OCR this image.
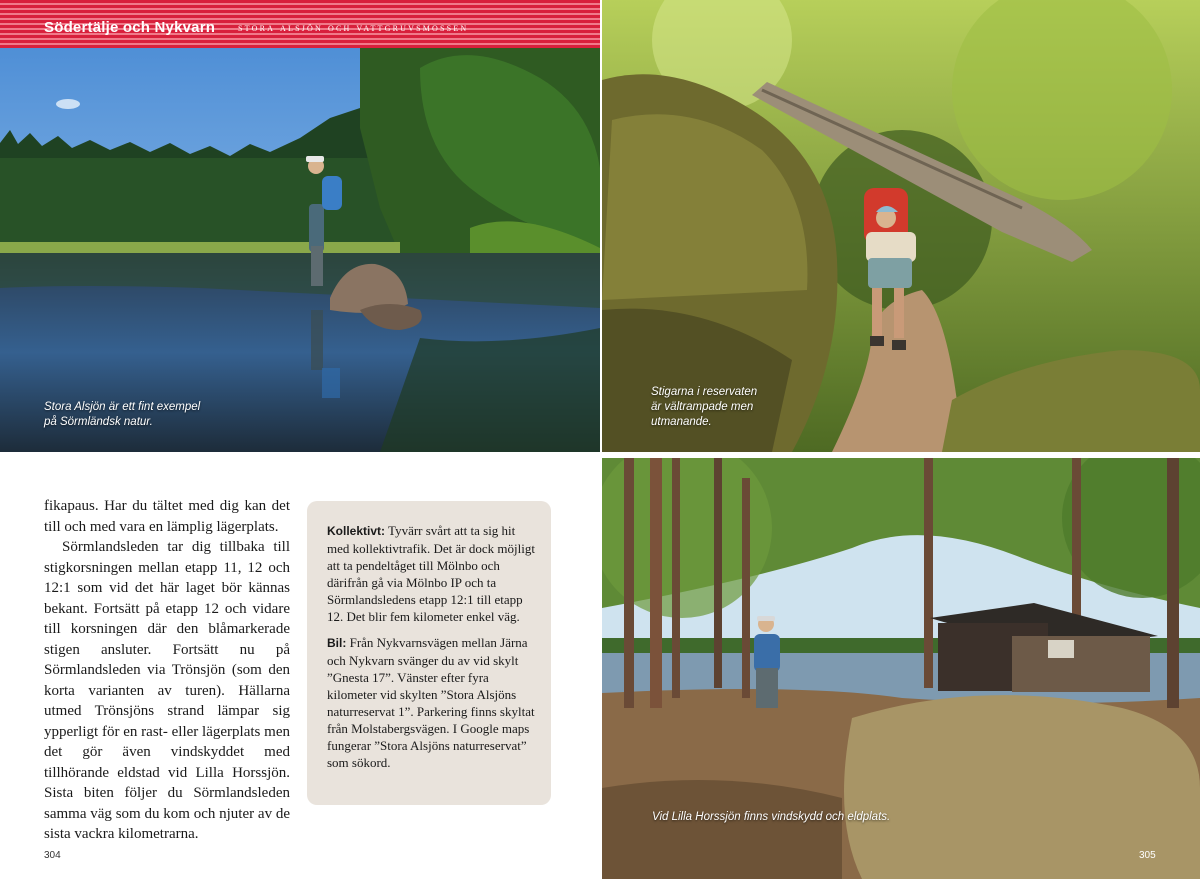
Södertälje och Nykvarn stora alsjön och vattgruvsmossen
Stora Alsjön är ett fint exempel
på Sörmländsk natur.
Stigarna i reservaten
är vältrampade men
utmanande.
Vid Lilla Horssjön finns vindskydd och eldplats.

fikapaus. Har du tältet med dig kan det till och med vara en lämplig lägerplats.

Sörmlandsleden tar dig tillbaka till stigkorsningen mellan etapp 11, 12 och 12:1 som vid det här laget bör kännas bekant. Fortsätt på etapp 12 och vidare till korsningen där den blåmarkerade stigen ansluter. Fortsätt nu på Sörmlandsleden via Trönsjön (som den korta varianten av turen). Hällarna utmed Trönsjöns strand lämpar sig ypperligt för en rast- eller lägerplats men det gör även vindskyddet med tillhörande eldstad vid Lilla Horssjön. Sista biten följer du Sörmlandsleden samma väg som du kom och njuter av de sista vackra kilometrarna.

Kollektivt: Tyvärr svårt att ta sig hit med kollektivtrafik. Det är dock möjligt att ta pendeltåget till Mölnbo och därifrån gå via Mölnbo IP och ta Sörmlandsledens etapp 12:1 till etapp 12. Det blir fem kilometer enkel väg.

Bil: Från Nykvarnsvägen mellan Järna och Nykvarn svänger du av vid skylt ”Gnesta 17”. Vänster efter fyra kilometer vid skylten ”Stora Alsjöns naturreservat 1”. Parkering finns skyltat från Molstabergsvägen. I Google maps fungerar ”Stora Alsjöns naturreservat” som sökord.

304	305
